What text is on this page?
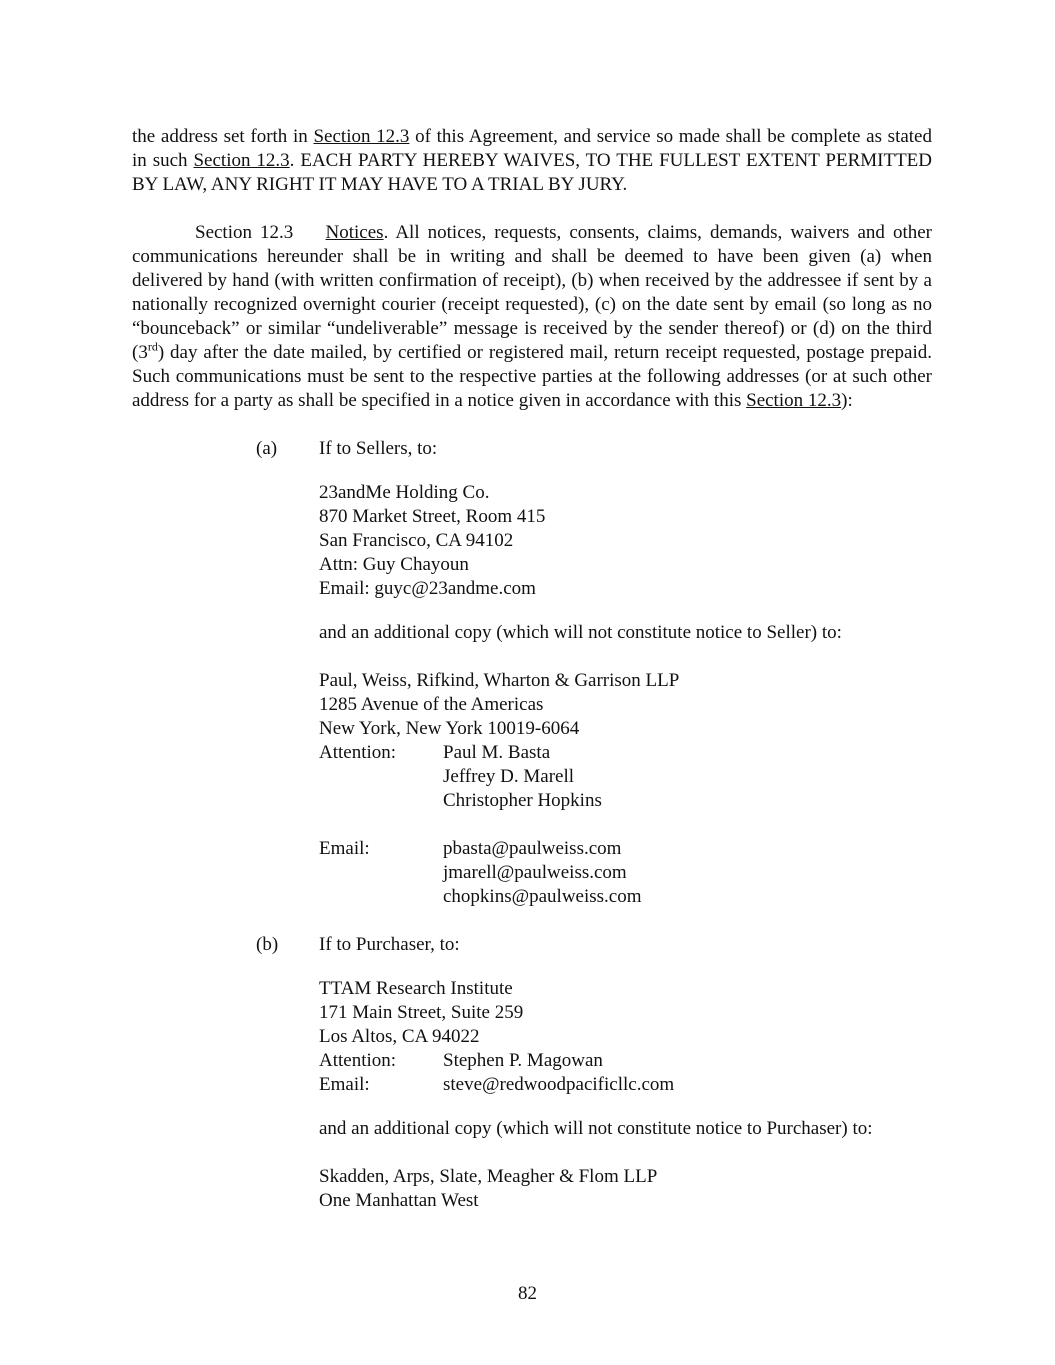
the address set forth in Section 12.3 of this Agreement, and service so made shall be complete as stated in such Section 12.3. EACH PARTY HEREBY WAIVES, TO THE FULLEST EXTENT PERMITTED BY LAW, ANY RIGHT IT MAY HAVE TO A TRIAL BY JURY.

Section 12.3 Notices. All notices, requests, consents, claims, demands, waivers and other communications hereunder shall be in writing and shall be deemed to have been given (a) when delivered by hand (with written confirmation of receipt), (b) when received by the addressee if sent by a nationally recognized overnight courier (receipt requested), (c) on the date sent by email (so long as no “bounceback” or similar “undeliverable” message is received by the sender thereof) or (d) on the third (3rd) day after the date mailed, by certified or registered mail, return receipt requested, postage prepaid. Such communications must be sent to the respective parties at the following addresses (or at such other address for a party as shall be specified in a notice given in accordance with this Section 12.3):

(a) If to Sellers, to:
23andMe Holding Co.
870 Market Street, Room 415
San Francisco, CA 94102
Attn: Guy Chayoun
Email: guyc@23andme.com
and an additional copy (which will not constitute notice to Seller) to:
Paul, Weiss, Rifkind, Wharton & Garrison LLP
1285 Avenue of the Americas
New York, New York 10019-6064
Attention:	Paul M. Basta
Jeffrey D. Marell
Christopher Hopkins
Email:	pbasta@paulweiss.com
jmarell@paulweiss.com
chopkins@paulweiss.com
(b) If to Purchaser, to:
TTAM Research Institute
171 Main Street, Suite 259
Los Altos, CA 94022
Attention:	Stephen P. Magowan
Email:	steve@redwoodpacificllc.com
and an additional copy (which will not constitute notice to Purchaser) to:
Skadden, Arps, Slate, Meagher & Flom LLP
One Manhattan West
82
